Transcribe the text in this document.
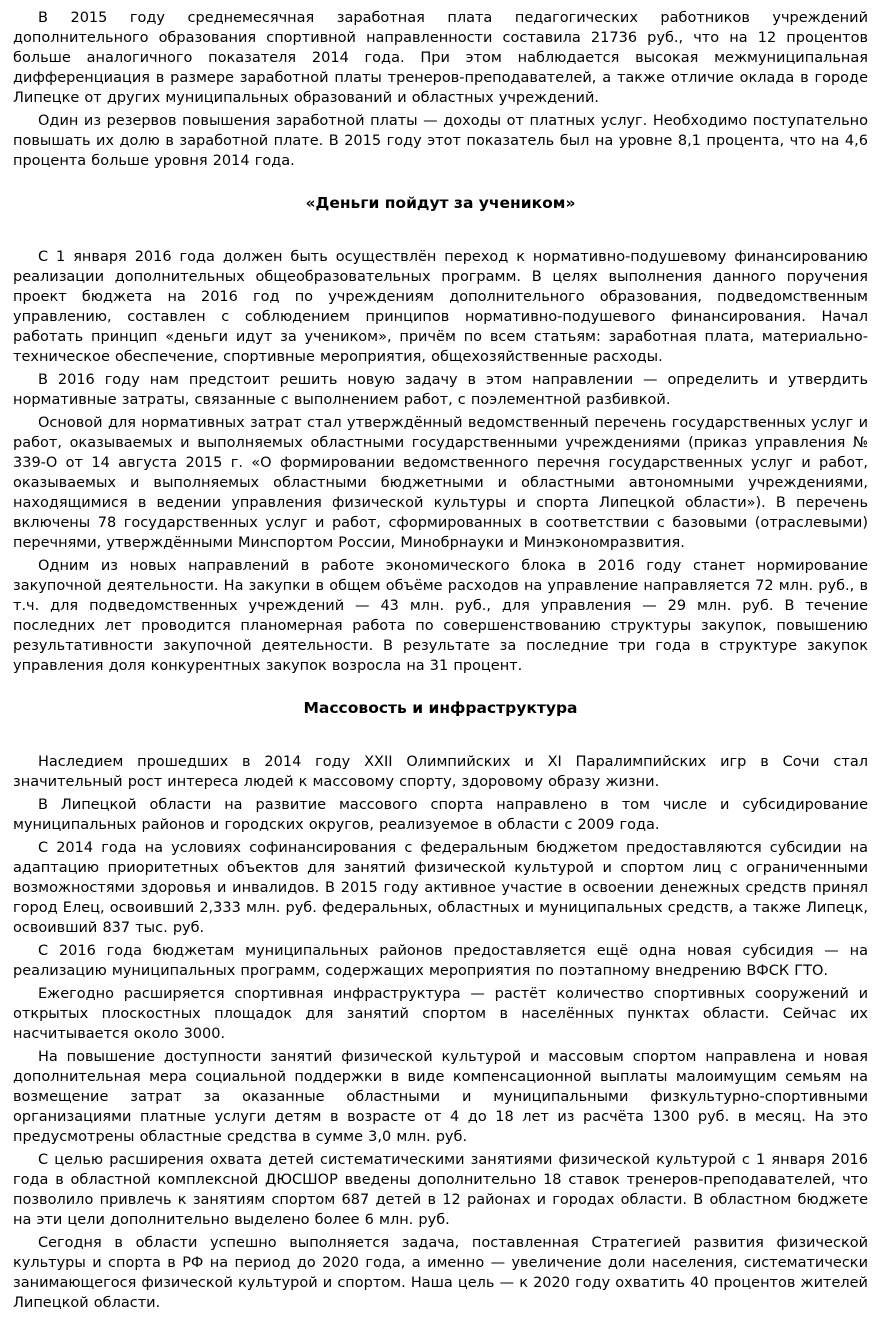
В 2015 году среднемесячная заработная плата педагогических работников учреждений дополнительного образования спортивной направленности составила 21736 руб., что на 12 процентов больше аналогичного показателя 2014 года. При этом наблюдается высокая межмуниципальная дифференциация в размере заработной платы тренеров-преподавателей, а также отличие оклада в городе Липецке от других муниципальных образований и областных учреждений.

Один из резервов повышения заработной платы — доходы от платных услуг. Необходимо поступательно повышать их долю в заработной плате. В 2015 году этот показатель был на уровне 8,1 процента, что на 4,6 процента больше уровня 2014 года.

«Деньги пойдут за учеником»

С 1 января 2016 года должен быть осуществлён переход к нормативно-подушевому финансированию реализации дополнительных общеобразовательных программ. В целях выполнения данного поручения проект бюджета на 2016 год по учреждениям дополнительного образования, подведомственным управлению, составлен с соблюдением принципов нормативно-подушевого финансирования. Начал работать принцип «деньги идут за учеником», причём по всем статьям: заработная плата, материально-техническое обеспечение, спортивные мероприятия, общехозяйственные расходы.

В 2016 году нам предстоит решить новую задачу в этом направлении — определить и утвердить нормативные затраты, связанные с выполнением работ, с поэлементной разбивкой.

Основой для нормативных затрат стал утверждённый ведомственный перечень государственных услуг и работ, оказываемых и выполняемых областными государственными учреждениями (приказ управления № 339-О от 14 августа 2015 г. «О формировании ведомственного перечня государственных услуг и работ, оказываемых и выполняемых областными бюджетными и областными автономными учреждениями, находящимися в ведении управления физической культуры и спорта Липецкой области»). В перечень включены 78 государственных услуг и работ, сформированных в соответствии с базовыми (отраслевыми) перечнями, утверждёнными Минспортом России, Минобрнауки и Минэкономразвития.

Одним из новых направлений в работе экономического блока в 2016 году станет нормирование закупочной деятельности. На закупки в общем объёме расходов на управление направляется 72 млн. руб., в т.ч. для подведомственных учреждений — 43 млн. руб., для управления — 29 млн. руб. В течение последних лет проводится планомерная работа по совершенствованию структуры закупок, повышению результативности закупочной деятельности. В результате за последние три года в структуре закупок управления доля конкурентных закупок возросла на 31 процент.

Массовость и инфраструктура

Наследием прошедших в 2014 году XXII Олимпийских и XI Паралимпийских игр в Сочи стал значительный рост интереса людей к массовому спорту, здоровому образу жизни.

В Липецкой области на развитие массового спорта направлено в том числе и субсидирование муниципальных районов и городских округов, реализуемое в области с 2009 года.

С 2014 года на условиях софинансирования с федеральным бюджетом предоставляются субсидии на адаптацию приоритетных объектов для занятий физической культурой и спортом лиц с ограниченными возможностями здоровья и инвалидов. В 2015 году активное участие в освоении денежных средств принял город Елец, освоивший 2,333 млн. руб. федеральных, областных и муниципальных средств, а также Липецк, освоивший 837 тыс. руб.

С 2016 года бюджетам муниципальных районов предоставляется ещё одна новая субсидия — на реализацию муниципальных программ, содержащих мероприятия по поэтапному внедрению ВФСК ГТО.

Ежегодно расширяется спортивная инфраструктура — растёт количество спортивных сооружений и открытых плоскостных площадок для занятий спортом в населённых пунктах области. Сейчас их насчитывается около 3000.

На повышение доступности занятий физической культурой и массовым спортом направлена и новая дополнительная мера социальной поддержки в виде компенсационной выплаты малоимущим семьям на возмещение затрат за оказанные областными и муниципальными физкультурно-спортивными организациями платные услуги детям в возрасте от 4 до 18 лет из расчёта 1300 руб. в месяц. На это предусмотрены областные средства в сумме 3,0 млн. руб.

С целью расширения охвата детей систематическими занятиями физической культурой с 1 января 2016 года в областной комплексной ДЮСШОР введены дополнительно 18 ставок тренеров-преподавателей, что позволило привлечь к занятиям спортом 687 детей в 12 районах и городах области. В областном бюджете на эти цели дополнительно выделено более 6 млн. руб.

Сегодня в области успешно выполняется задача, поставленная Стратегией развития физической культуры и спорта в РФ на период до 2020 года, а именно — увеличение доли населения, систематически занимающегося физической культурой и спортом. Наша цель — к 2020 году охватить 40 процентов жителей Липецкой области.
